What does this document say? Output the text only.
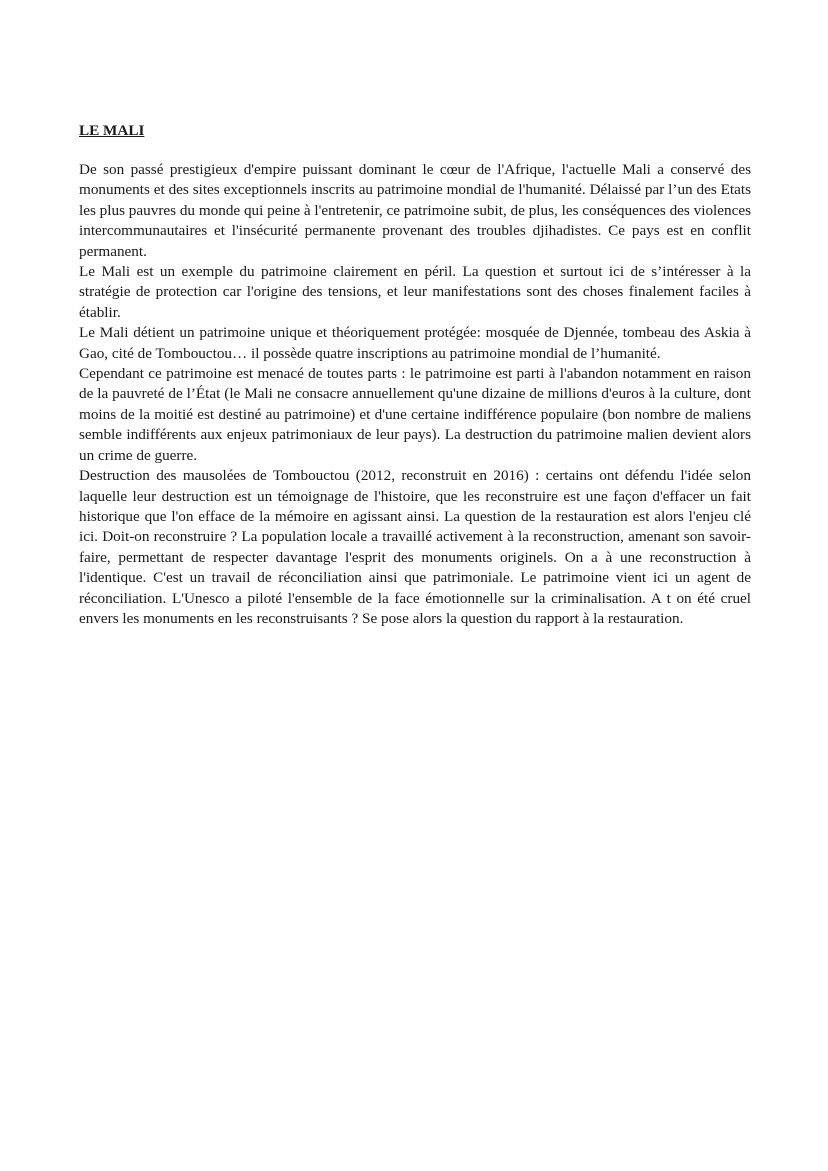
LE MALI

De son passé prestigieux d'empire puissant dominant le cœur de l'Afrique, l'actuelle Mali a conservé des monuments et des sites exceptionnels inscrits au patrimoine mondial de l'humanité. Délaissé par l’un des Etats les plus pauvres du monde qui peine à l'entretenir, ce patrimoine subit, de plus, les conséquences des violences intercommunautaires et l'insécurité permanente provenant des troubles djihadistes. Ce pays est en conflit permanent.

Le Mali est un exemple du patrimoine clairement en péril. La question et surtout ici de s’intéresser à la stratégie de protection car l'origine des tensions, et leur manifestations sont des choses finalement faciles à établir.

Le Mali détient un patrimoine unique et théoriquement protégée: mosquée de Djennée, tombeau des Askia à Gao, cité de Tombouctou… il possède quatre inscriptions au patrimoine mondial de l’humanité.

Cependant ce patrimoine est menacé de toutes parts : le patrimoine est parti à l'abandon notamment en raison de la pauvreté de l’État (le Mali ne consacre annuellement qu'une dizaine de millions d'euros à la culture, dont moins de la moitié est destiné au patrimoine) et d'une certaine indifférence populaire (bon nombre de maliens semble indifférents aux enjeux patrimoniaux de leur pays). La destruction du patrimoine malien devient alors un crime de guerre.

Destruction des mausolées de Tombouctou (2012, reconstruit en 2016) : certains ont défendu l'idée selon laquelle leur destruction est un témoignage de l'histoire, que les reconstruire est une façon d'effacer un fait historique que l'on efface de la mémoire en agissant ainsi. La question de la restauration est alors l'enjeu clé ici. Doit-on reconstruire ? La population locale a travaillé activement à la reconstruction, amenant son savoir-faire, permettant de respecter davantage l'esprit des monuments originels. On a à une reconstruction à l'identique. C'est un travail de réconciliation ainsi que patrimoniale. Le patrimoine vient ici un agent de réconciliation. L'Unesco a piloté l'ensemble de la face émotionnelle sur la criminalisation. A t on été cruel envers les monuments en les reconstruisants ? Se pose alors la question du rapport à la restauration.
